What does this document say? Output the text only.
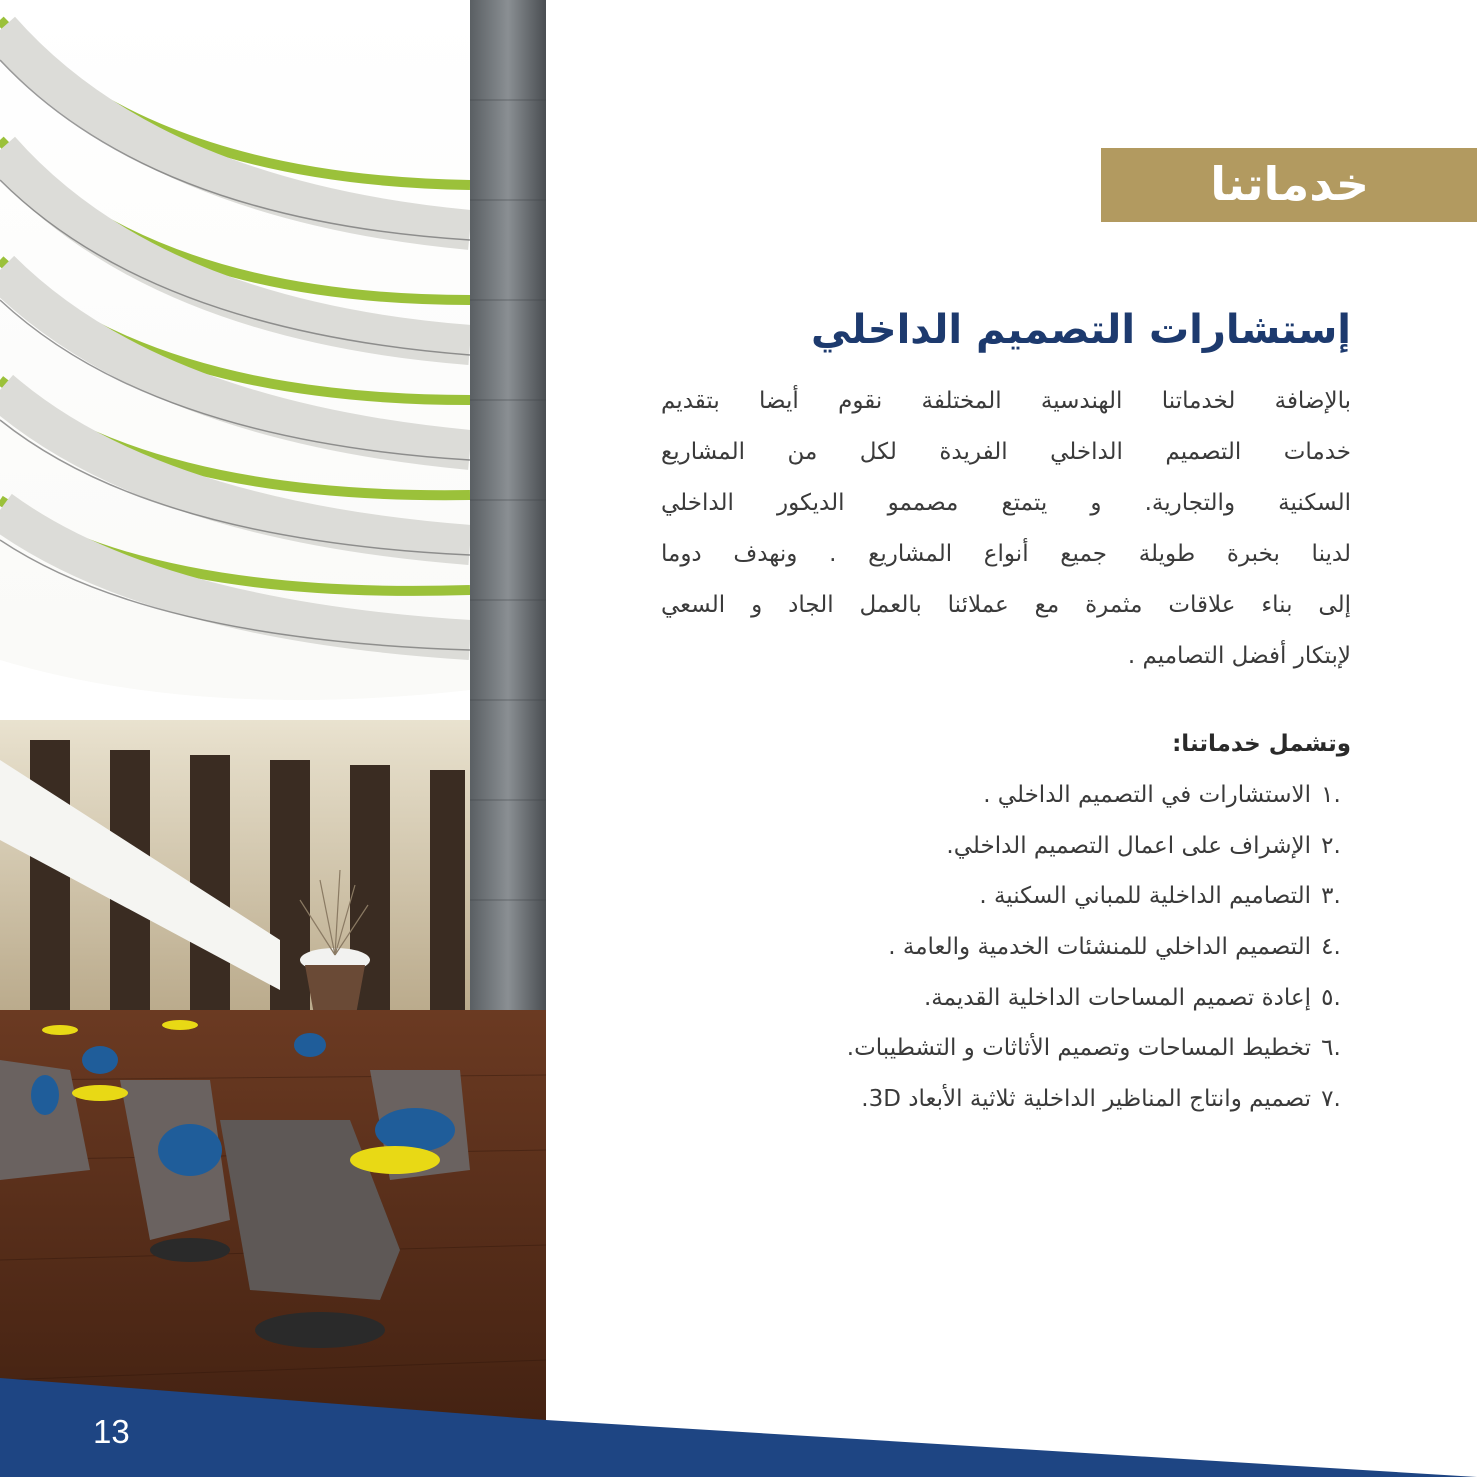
خدماتنا
إستشارات التصميم الداخلي
بالإضافة لخدماتنا الهندسية المختلفة نقوم أيضا بتقديم
خدمات التصميم الداخلي الفريدة لكل من المشاريع
السكنية والتجارية. و يتمتع مصممو الديكور الداخلي
لدينا بخبرة طويلة جميع أنواع المشاريع . ونهدف دوما
إلى بناء علاقات مثمرة مع عملائنا بالعمل الجاد و السعي
لإبتكار أفضل التصاميم .
وتشمل خدماتنا:
.١
الاستشارات في التصميم الداخلي .
.٢
الإشراف على اعمال التصميم الداخلي.
.٣
التصاميم الداخلية للمباني السكنية .
.٤
التصميم الداخلي للمنشئات الخدمية والعامة .
.٥
إعادة تصميم المساحات الداخلية القديمة.
.٦
تخطيط المساحات وتصميم الأثاثات و التشطيبات.
.٧
تصميم وانتاج المناظير الداخلية ثلاثية الأبعاد 3D.
13
